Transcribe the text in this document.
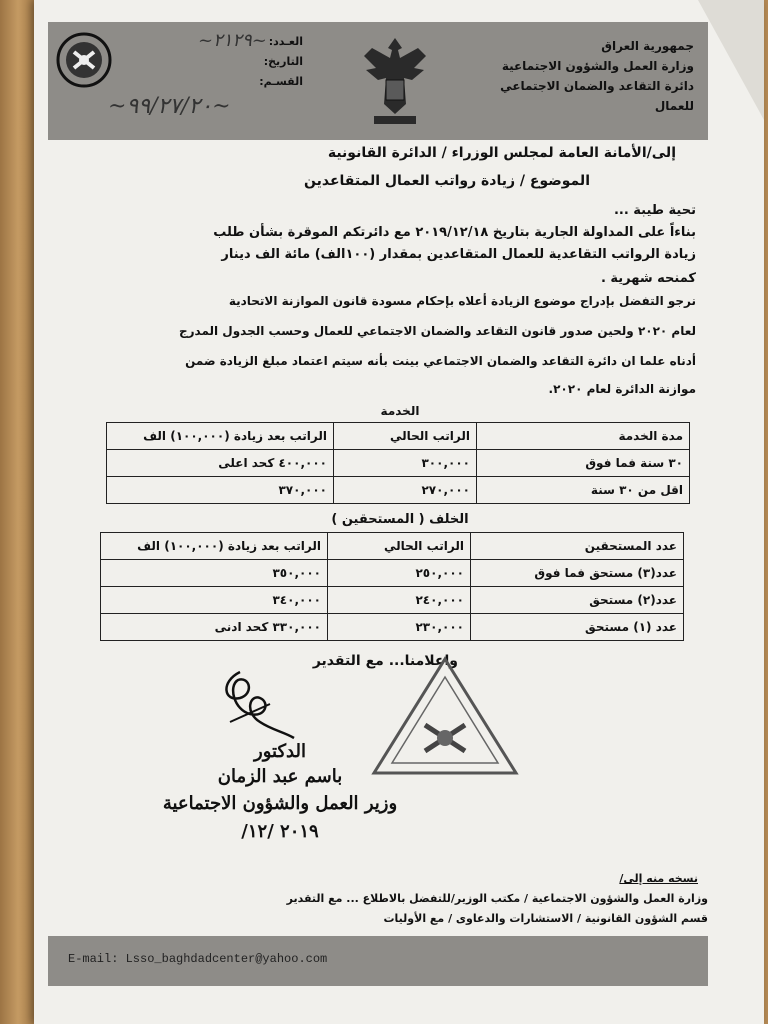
جمهورية العراق
وزارة العمل والشؤون الاجتماعية
دائرة التقاعد والضمان الاجتماعي للعمال
العـدد:
التاريخ:
القسـم:
~٢١٢٩~
~٩٩/٢٧/٢٠~
إلى/الأمانة العامة لمجلس الوزراء / الدائرة القانونية
الموضوع / زيادة رواتب العمال المتقاعدين
تحية طيبة ...
بناءاً على المداولة الجارية بتاريخ ٢٠١٩/١٢/١٨ مع دائرتكم الموقرة بشأن طلب
زيادة الرواتب التقاعدية للعمال المتقاعدين بمقدار (١٠٠الف) مائة الف دينار
كمنحه شهرية .
نرجو التفضل بإدراج موضوع الزيادة أعلاه بإحكام مسودة قانون الموازنة الاتحادية
لعام ٢٠٢٠ ولحين صدور قانون التقاعد والضمان الاجتماعي للعمال وحسب الجدول المدرج
أدناه علما ان دائرة التقاعد والضمان الاجتماعي بينت بأنه سيتم اعتماد مبلغ الزيادة ضمن
موازنة الدائرة لعام ٢٠٢٠.
الخدمة
مدة الخدمة	الراتب الحالي	الراتب بعد زيادة (١٠٠,٠٠٠) الف
٣٠ سنة فما فوق	٣٠٠,٠٠٠	٤٠٠,٠٠٠ كحد اعلى
اقل من ٣٠ سنة	٢٧٠,٠٠٠	٣٧٠,٠٠٠
الخلف ( المستحقين )
عدد المستحقين	الراتب الحالي	الراتب بعد زيادة (١٠٠,٠٠٠) الف
عدد(٣) مستحق فما فوق	٢٥٠,٠٠٠	٣٥٠,٠٠٠
عدد(٢) مستحق	٢٤٠,٠٠٠	٣٤٠,٠٠٠
عدد (١) مستحق	٢٣٠,٠٠٠	٣٣٠,٠٠٠ كحد ادنى
واعلامنا... مع التقدير
الدكتور
باسم عبد الزمان
وزير العمل والشؤون الاجتماعية
٢٠١٩ /١٢/
نسخه منه إلى/
وزارة العمل والشؤون الاجتماعية / مكتب الوزير/للتفضل بالاطلاع ... مع التقدير
قسم الشؤون القانونية / الاستشارات والدعاوى / مع الأوليات
E-mail: Lsso_baghdadcenter@yahoo.com
